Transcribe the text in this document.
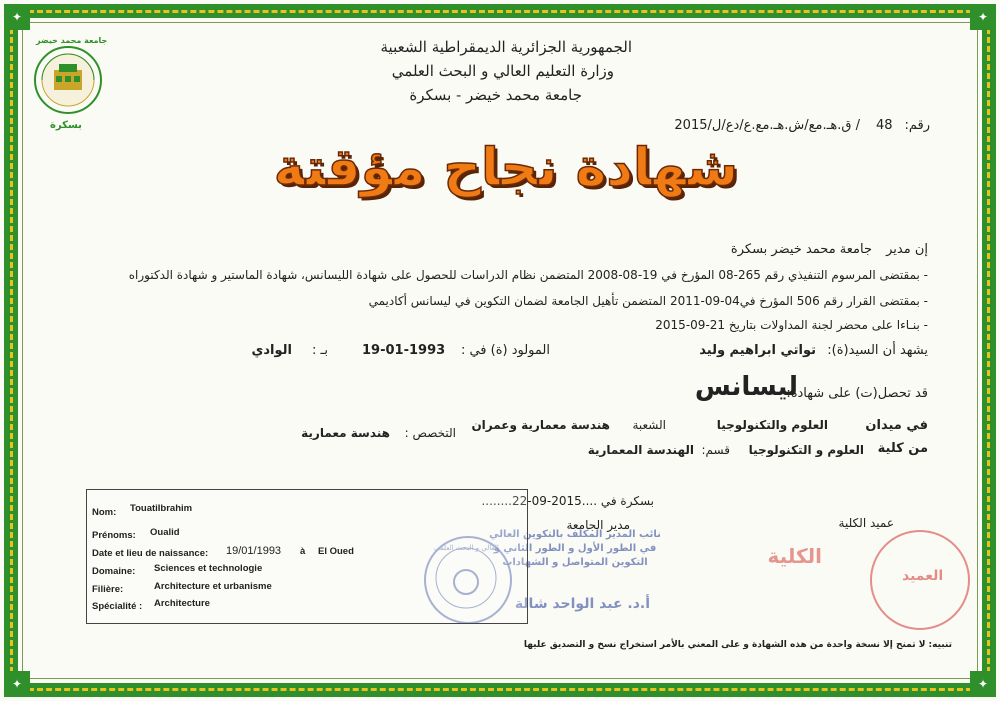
✦	✦
✦	✦
جامعة محمد خيضر
بسكرة
الجمهورية الجزائرية الديمقراطية الشعبية
وزارة التعليم العالي و البحث العلمي
جامعة محمد خيضر - بسكرة
رقم:
48
/ ق.هـ.مع/ش.هـ.مع.ع/دع/ل/2015
شهادة نجاح مؤقتة
إن مدير
جامعة محمد خيضر بسكرة
- بمقتضى المرسوم التنفيذي رقم 265-08 المؤرخ في 19-08-2008 المتضمن نظام الدراسات للحصول على شهادة الليسانس، شهادة الماستير و شهادة الدكتوراه
- بمقتضى القرار رقم 506 المؤرخ في04-09-2011 المتضمن تأهيل الجامعة لضمان التكوين في ليسانس أكاديمي
- بنـاءا على محضر لجنة المداولات بتاريخ 21-09-2015
يشهد أن السيد(ة):
تواتي ابراهيم وليد
المولود (ة) في :
19-01-1993
بـ :
الوادي
قد تحصل(ت) على شهادة:
ليسانس
في ميدان
العلوم والتكنولوجيا
الشعبة
هندسة معمارية وعمران
التخصص :
هندسة معمارية
من كلية
العلوم و التكنولوجيا
قسم:
الهندسة المعمارية
بسكرة في ....2015-09-22........
مدير الجامعة	عميد الكلية
العالي و البحث العلمي
نائب المدير المكلف بالتكوين العالي في الطور الأول و الطور الثاني و التكوين المتواصل و الشهادات
أ.د. عبد الواحد شالة
العميد
الكلية
Nom: TouatiIbrahim
Prénoms: Oualid
Date et lieu de naissance: 19/01/1993 à El Oued
Domaine: Sciences et technologie
Filière:	Architecture et urbanisme
Spécialité : Architecture
تنبيه: لا تمنح إلا نسخة واحدة من هذه الشهادة و على المعني بالأمر استخراج نسخ و التصديق عليها
